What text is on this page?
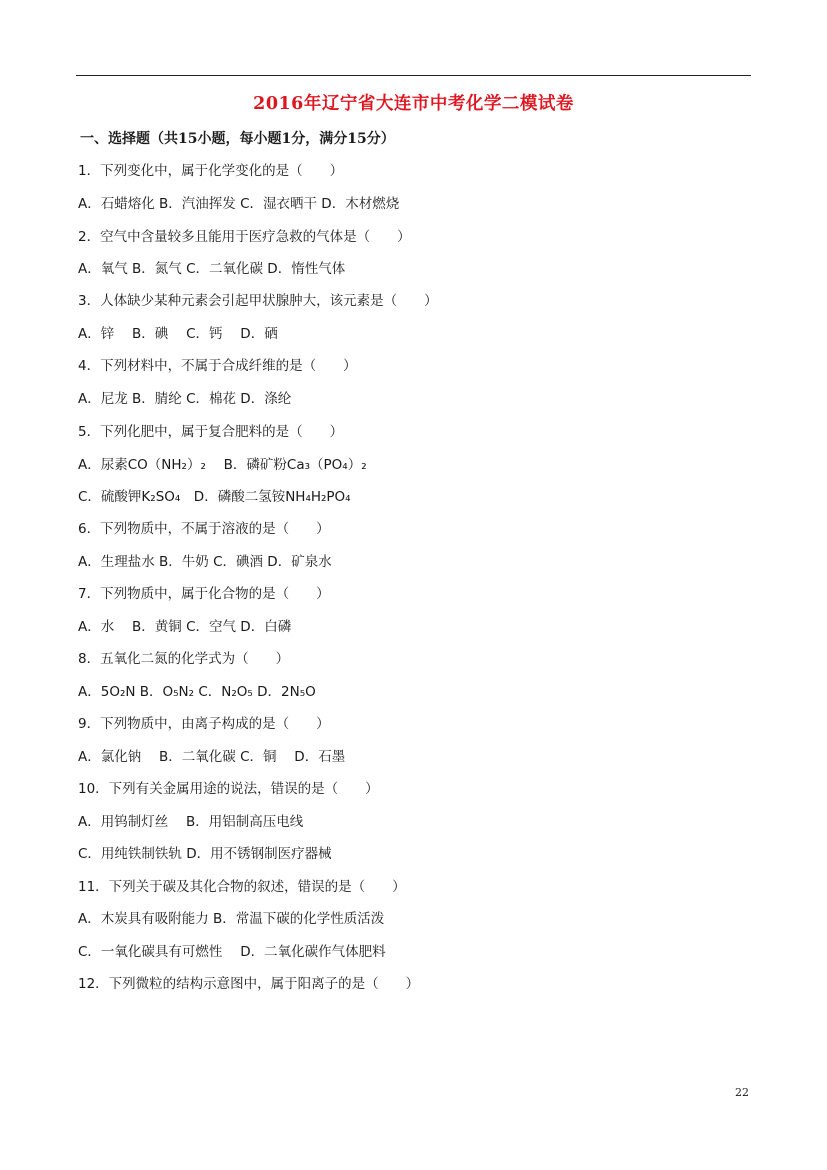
2016年辽宁省大连市中考化学二模试卷
一、选择题（共15小题，每小题1分，满分15分）
1．下列变化中，属于化学变化的是（　　）
A．石蜡熔化 B．汽油挥发 C．湿衣晒干 D．木材燃烧
2．空气中含量较多且能用于医疗急救的气体是（　　）
A．氧气 B．氮气 C．二氧化碳 D．惰性气体
3．人体缺少某种元素会引起甲状腺肿大，该元素是（　　）
A．锌　 B．碘　 C．钙　 D．硒
4．下列材料中，不属于合成纤维的是（　　）
A．尼龙 B．腈纶 C．棉花 D．涤纶
5．下列化肥中，属于复合肥料的是（　　）
A．尿素CO（NH₂）₂　 B．磷矿粉Ca₃（PO₄）₂
C．硫酸钾K₂SO₄　D．磷酸二氢铵NH₄H₂PO₄
6．下列物质中，不属于溶液的是（　　）
A．生理盐水 B．牛奶 C．碘酒 D．矿泉水
7．下列物质中，属于化合物的是（　　）
A．水　 B．黄铜 C．空气 D．白磷
8．五氧化二氮的化学式为（　　）
A．5O₂N B．O₅N₂ C．N₂O₅ D．2N₅O
9．下列物质中，由离子构成的是（　　）
A．氯化钠　 B．二氧化碳 C．铜　 D．石墨
10．下列有关金属用途的说法，错误的是（　　）
A．用钨制灯丝　 B．用铝制高压电线
C．用纯铁制铁轨 D．用不锈钢制医疗器械
11．下列关于碳及其化合物的叙述，错误的是（　　）
A．木炭具有吸附能力 B．常温下碳的化学性质活泼
C．一氧化碳具有可燃性　 D．二氧化碳作气体肥料
12．下列微粒的结构示意图中，属于阳离子的是（　　）
22
